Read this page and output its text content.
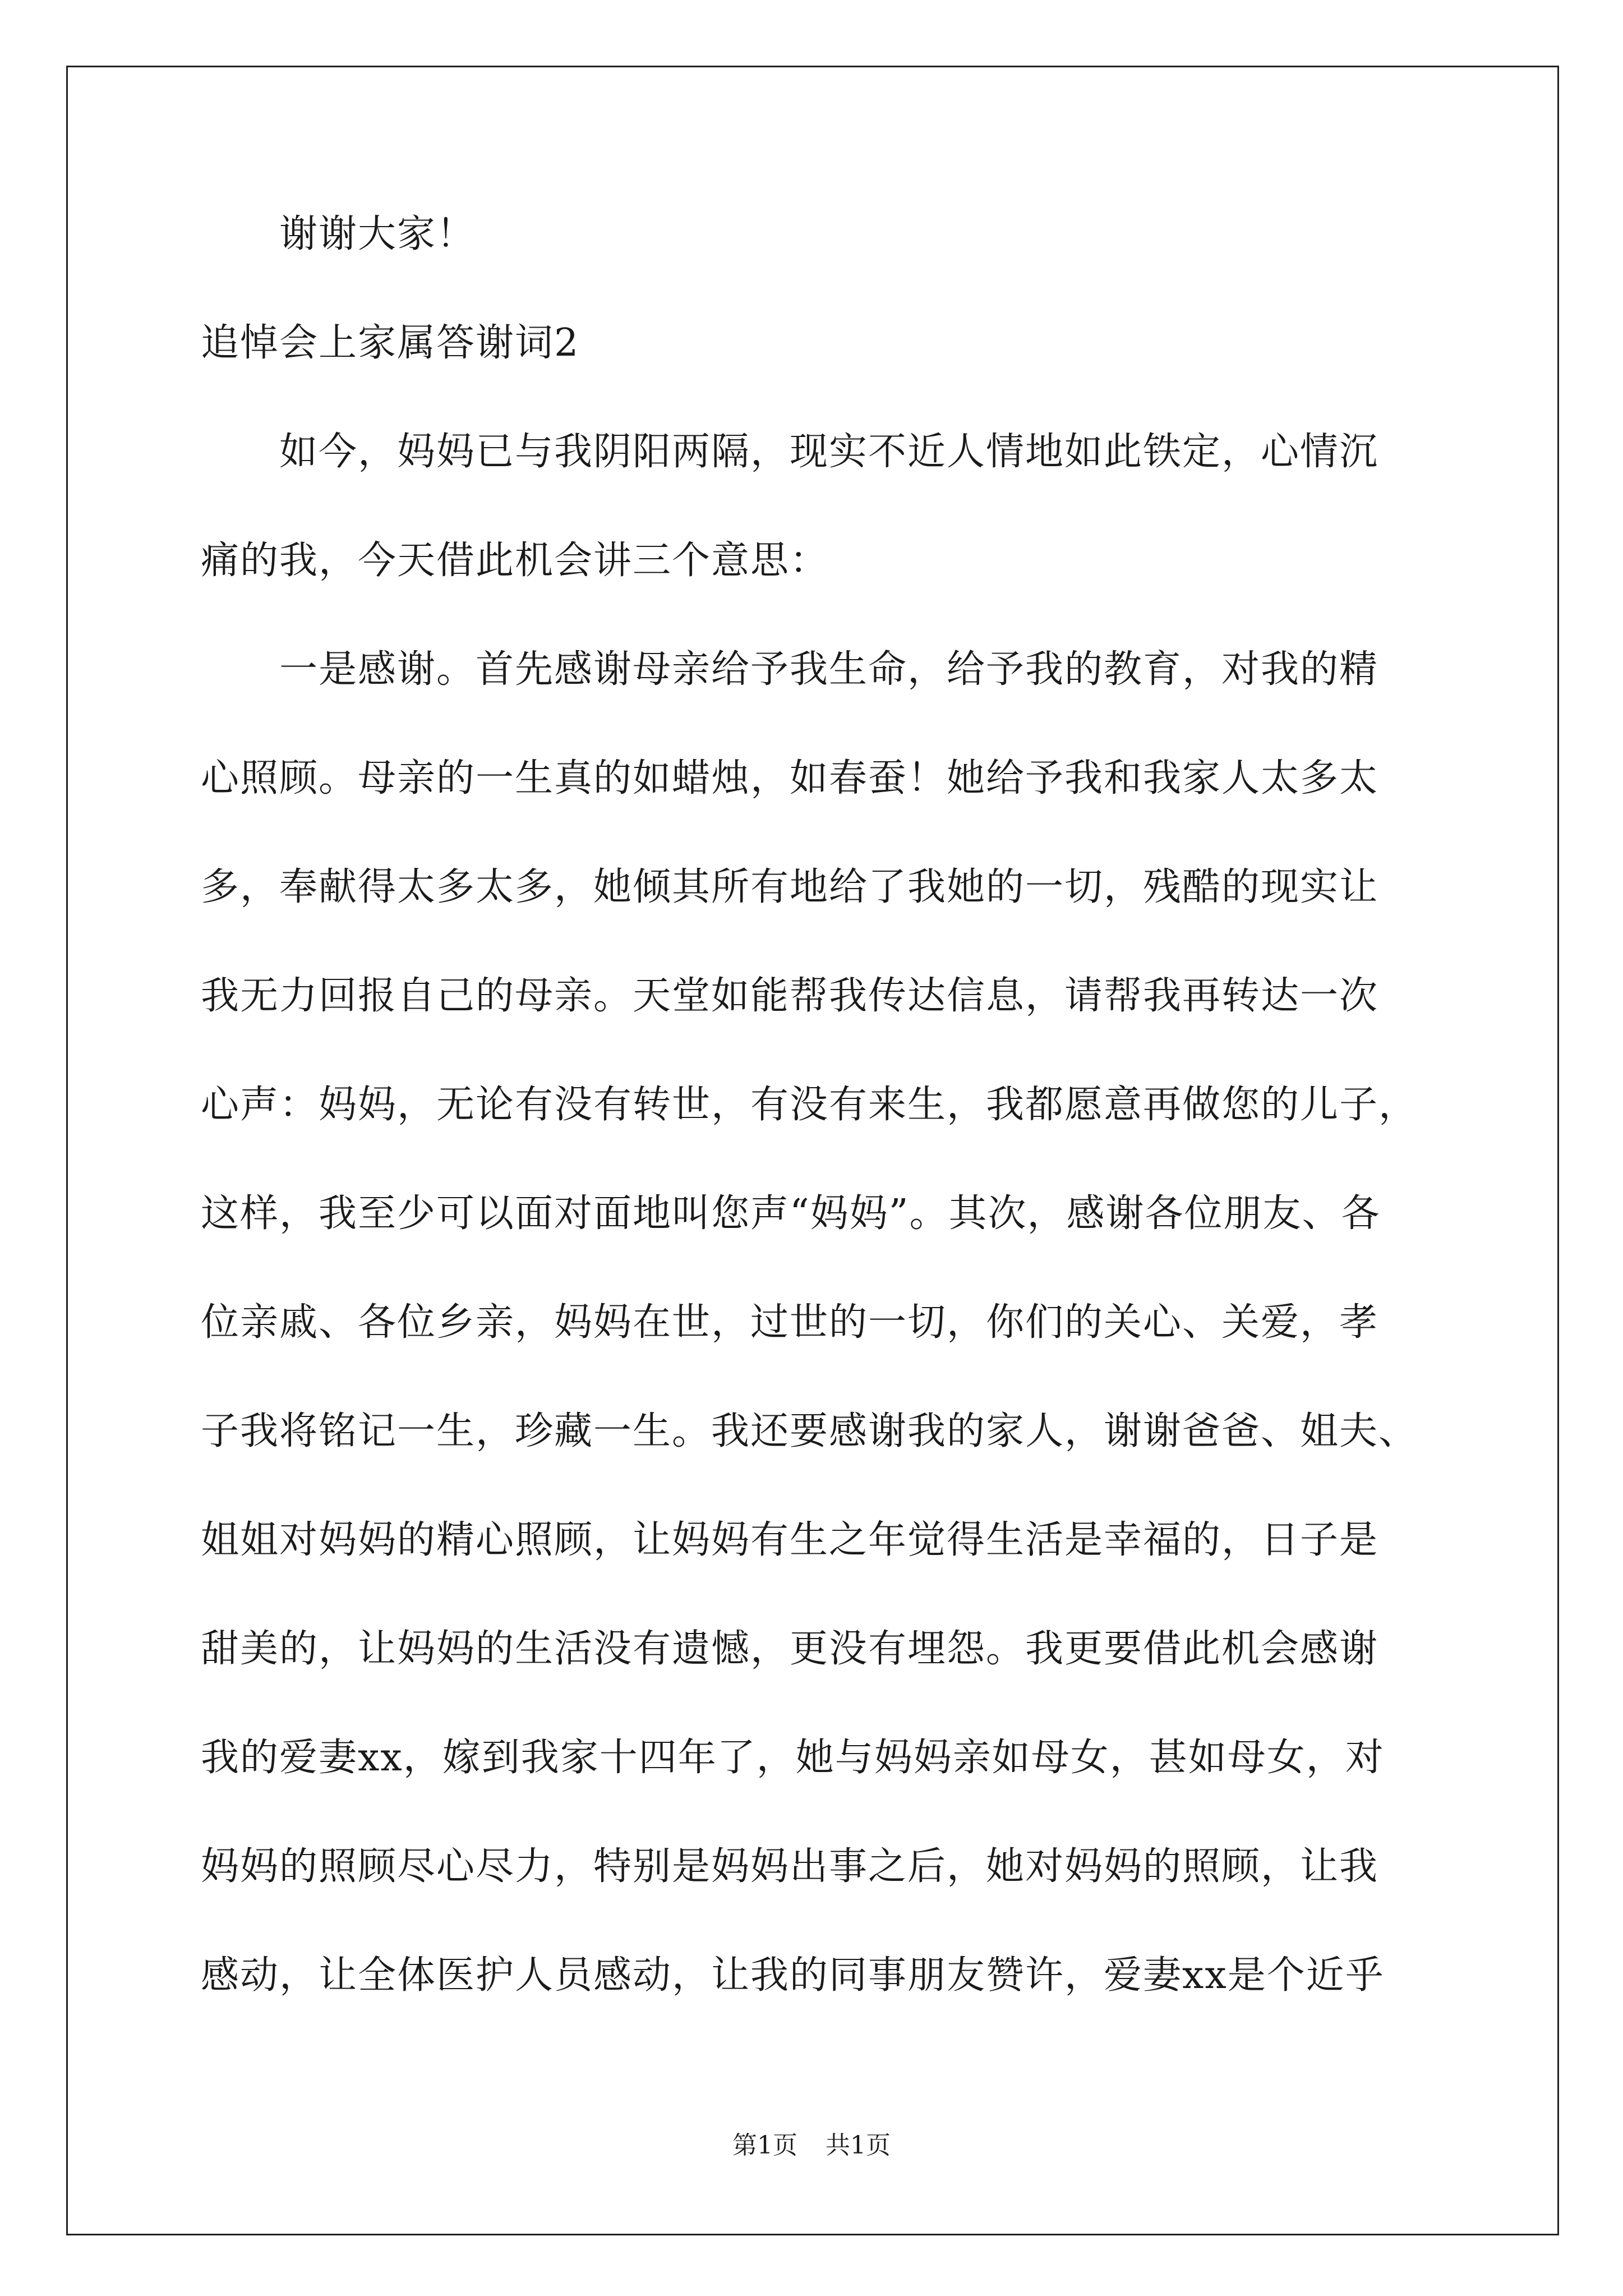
谢谢大家！
追悼会上家属答谢词2
如今，妈妈已与我阴阳两隔，现实不近人情地如此铁定，心情沉
痛的我，今天借此机会讲三个意思：
一是感谢。首先感谢母亲给予我生命，给予我的教育，对我的精
心照顾。母亲的一生真的如蜡烛，如春蚕！她给予我和我家人太多太
多，奉献得太多太多，她倾其所有地给了我她的一切，残酷的现实让
我无力回报自己的母亲。天堂如能帮我传达信息，请帮我再转达一次
心声：妈妈，无论有没有转世，有没有来生，我都愿意再做您的儿子，
这样，我至少可以面对面地叫您声“妈妈”。其次，感谢各位朋友、各
位亲戚、各位乡亲，妈妈在世，过世的一切，你们的关心、关爱，孝
子我将铭记一生，珍藏一生。我还要感谢我的家人，谢谢爸爸、姐夫、
姐姐对妈妈的精心照顾，让妈妈有生之年觉得生活是幸福的，日子是
甜美的，让妈妈的生活没有遗憾，更没有埋怨。我更要借此机会感谢
我的爱妻xx，嫁到我家十四年了，她与妈妈亲如母女，甚如母女，对
妈妈的照顾尽心尽力，特别是妈妈出事之后，她对妈妈的照顾，让我
感动，让全体医护人员感动，让我的同事朋友赞许，爱妻xx是个近乎
第1页 共1页
